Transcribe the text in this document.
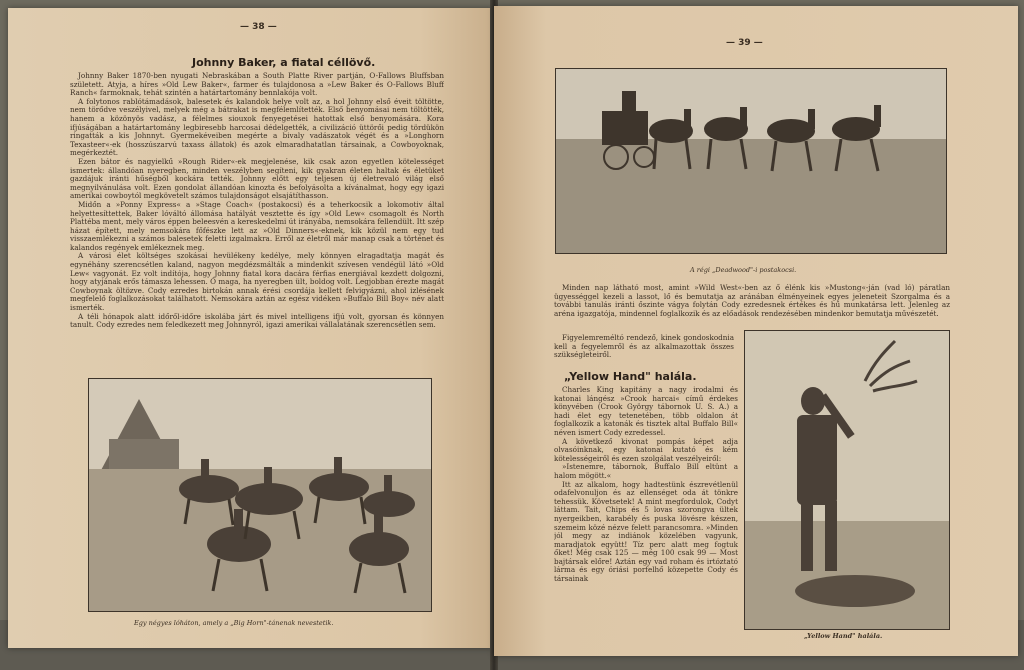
— 38 —
Johnny Baker, a fiatal céllövő.

Johnny Baker 1870-ben nyugati Nebraskában a South Platte River partján, O-Fallows Bluffsban született. Atyja, a híres »Old Lew Baker«, farmer és tulajdonosa a »Lew Baker és O-Fallows Bluff Ranch« farmoknak, tehát szintén a határtartomány bennlakója volt.

A folytonos rablótámadások, balesetek és kalandok helye volt az, a hol Johnny első éveit töltötte, nem törődve veszélyivel, melyek még a bátrakat is megfélemlítették. Első benyomásai nem töltötték, hanem a közönyös vadász, a félelmes siouxok fenyegetései hatottak első benyomására. Kora ifjúságában a határtartomány legbiresebb harcosai dédelgették, a civilizáció üttörői pedig tördükön ringatták a kis Johnnyt. Gyermekéveiben megérte a bivaly vadászatok végét és a »Longhorn Texasteer«-ek (hosszúszarvú taxass állatok) és azok elmaradhatatlan társainak, a Cowboyoknak, megérkeztét.

Ezen bátor és nagyielkű »Rough Rider«-ek megjelenése, kik csak azon egyetlen kötelességet ismertek: állandóan nyeregben, minden veszélyben segíteni, kik gyakran életen haltak és életüket gazdájuk iránti hűségből kockára tették. Johnny előtt egy teljesen új életrevaló világ első megnyilvánulása volt. Ezen gondolat állandóan kinozta és befolyásolta a kívánalmat, hogy egy igazi amerikai cowboytól megkövetelt számos tulajdonságot elsajátíthasson.

Midőn a »Ponny Express« a »Stage Coach« (postakocsi) és a teherkocsik a lokomotiv által helyettesíttettek, Baker lóváltó állomása hatályát vesztette és így »Old Lew« csomagolt és North Plattéba ment, mely város éppen beleesvén a kereskedelmi út irányába, nemsokára fellendült. Itt szép házat épített, mely nemsokára főfészke lett az »Old Dinners«-eknek, kik közül nem egy tud visszaemlékezni a számos balesetek feletti izgalmakra. Erről az életről már manap csak a történet és kalandos regények emlékeznek meg.

A városi élet költséges szokásai hevülékeny kedélye, mely könnyen elragadtatja magát és egynéhány szerencsétlen kaland, nagyon megdézsmálták a mindenkit szívesen vendégül látó »Old Lew« vagyonát. Ez volt indítója, hogy Johnny fiatal kora dacára férfias energiával kezdett dolgozni, hogy atyjának erős támasza lehessen. Ó maga, ha nyeregben ült, boldog volt. Legjobban érezte magát Cowboynak öltözve. Cody ezredes birtokán annak érési csordája kellett felvigyázni, ahol izlésének megfelelő foglalkozásokat találhatott. Nemsokára aztán az egész vidéken »Buffalo Bill Boy« név alatt ismerték.

A téli hónapok alatt időről-időre iskolába járt és mivel intelligens ifjú volt, gyorsan és könnyen tanult. Cody ezredes nem feledkezett meg Johnnyról, igazi amerikai vállalatának szerencsétlen sem.

Egy négyes lóháton, amely a „Big Horn"-tánenak nevestetik.
— 39 —
A régi „Deadwood"-i postakocsi.

Minden nap látható most, amint »Wild West«-ben az ő élénk kis »Mustong«-ján (vad ló) páratlan ügyességgel kezeli a lassot, lő és bemutatja az aránában élményeinek egyes jeleneteit Szorgalma és a további tanulás iránti őszinte vágya folytán Cody ezredesnek értékes és hű munkatársa lett. Jelenleg az aréna igazgatója, mindennel foglalkozik és az előadások rendezésében mindenkor bemutatja művészetét.

Figyelemreméltó rendező, kinek gondoskodnia kell a fegyelemről és az alkalmazottak összes szükségleteiről.

„Yellow Hand" halála.

Charles King kapitány a nagy irodalmi és katonai lángész »Crook harcai« című érdekes könyvében (Crook György tábornok U. S. A.) a hadi élet egy tetenetében, több oldalon át foglalkozik a katonák és tisztek altal Buffalo Bill« néven ismert Cody ezredessel.

A következő kivonat pompás képet adja olvasóinknak, egy katonai kutató és kém kötelességeiről és ezen szolgálat veszélyeiről:

»Istenemre, tábornok, Buffalo Bill eltünt a halom mögött.«

Itt az alkalom, hogy hadtestünk észrevétlenül odafelvonuljon és az ellenséget oda át tönkre tehessük. Követsetek! A mint megfordulok, Codyt láttam. Tait, Chips és 5 lovas szorongva ültek nyergeikben, karabély és puska lövésre készen, szemeim közé nézve felett parancsomra. »Minden jól megy az indiánok közelében vagyunk, maradjatok együtt! Tíz perc alatt meg fogtuk őket! Még csak 125 — még 100 csak 99 — Most bajtársak előre! Aztán egy vad roham és irtóztató lárma és egy óriási porfelhő közepette Cody és társainak

„Yellow Hand" halála.
